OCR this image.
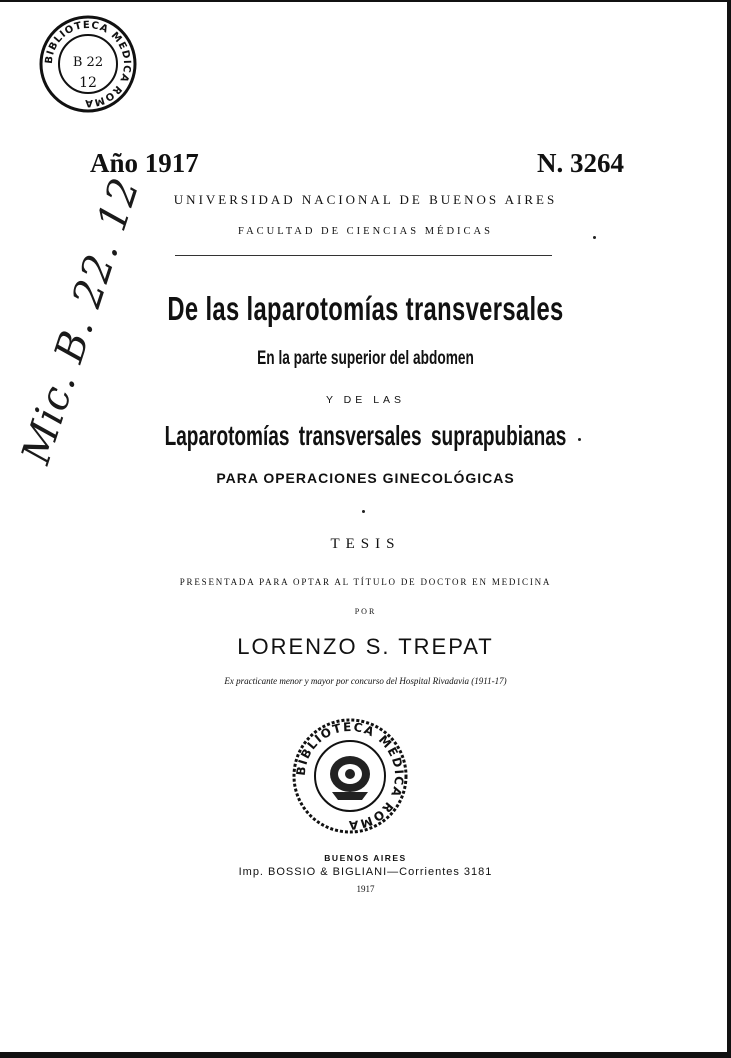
BIBLIOTECA MEDICA ROMA
B 22
12
Mic. B. 22. 12
Año 1917	N. 3264
UNIVERSIDAD NACIONAL DE BUENOS AIRES
FACULTAD DE CIENCIAS MÉDICAS
De las laparotomías transversales
En la parte superior del abdomen
Y DE LAS
Laparotomías transversales suprapubianas
PARA OPERACIONES GINECOLÓGICAS
TESIS
PRESENTADA PARA OPTAR AL TÍTULO DE DOCTOR EN MEDICINA
POR
LORENZO S. TREPAT
Ex practicante menor y mayor por concurso del Hospital Rivadavia (1911-17)
BIBLIOTECA MEDICA ROMA
BUENOS AIRES
Imp. BOSSIO & BIGLIANI—Corrientes 3181
1917
